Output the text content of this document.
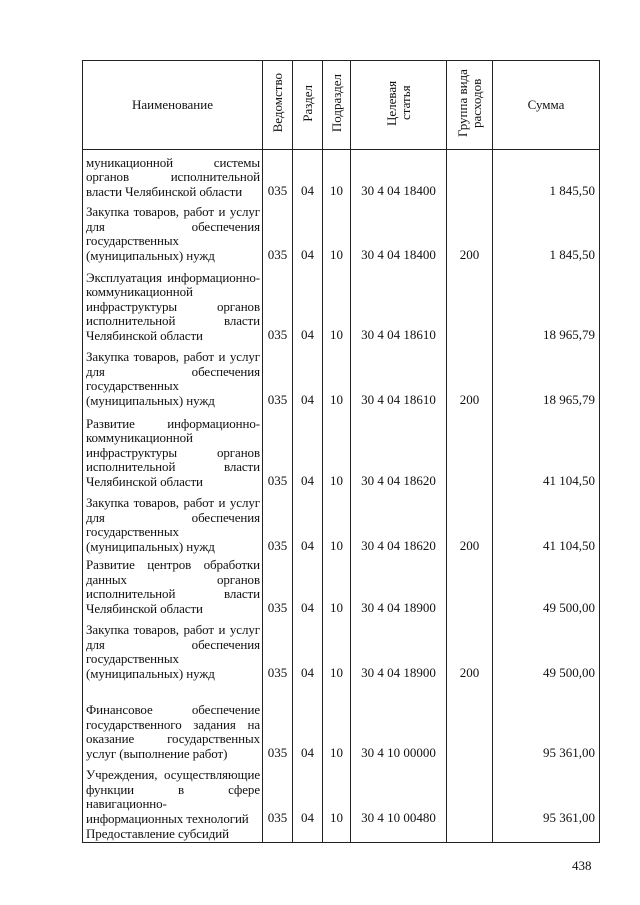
Наименование	Ведомство	Раздел	Подраздел	Целевая статья	Группа вида расходов	Сумма
муникационной системы органов исполнительной власти Челябинской области	035	04	10	30 4 04 18400		1 845,50
Закупка товаров, работ и услуг для обеспечения государственных (муниципальных) нужд	035	04	10	30 4 04 18400	200	1 845,50
Эксплуатация информационно-коммуникационной инфраструктуры органов исполнительной власти Челябинской области	035	04	10	30 4 04 18610		18 965,79
Закупка товаров, работ и услуг для обеспечения государственных (муниципальных) нужд	035	04	10	30 4 04 18610	200	18 965,79
Развитие информационно-коммуникационной инфраструктуры органов исполнительной власти Челябинской области	035	04	10	30 4 04 18620		41 104,50
Закупка товаров, работ и услуг для обеспечения государственных (муниципальных) нужд	035	04	10	30 4 04 18620	200	41 104,50
Развитие центров обработки данных органов исполнительной власти Челябинской области	035	04	10	30 4 04 18900		49 500,00
Закупка товаров, работ и услуг для обеспечения государственных (муниципальных) нужд	035	04	10	30 4 04 18900	200	49 500,00
Финансовое обеспечение государственного задания на оказание государственных услуг (выполнение работ)	035	04	10	30 4 10 00000		95 361,00
Учреждения, осуществляющие функции в сфере навигационно-информационных технологий	035	04	10	30 4 10 00480		95 361,00
Предоставление субсидий						
438
